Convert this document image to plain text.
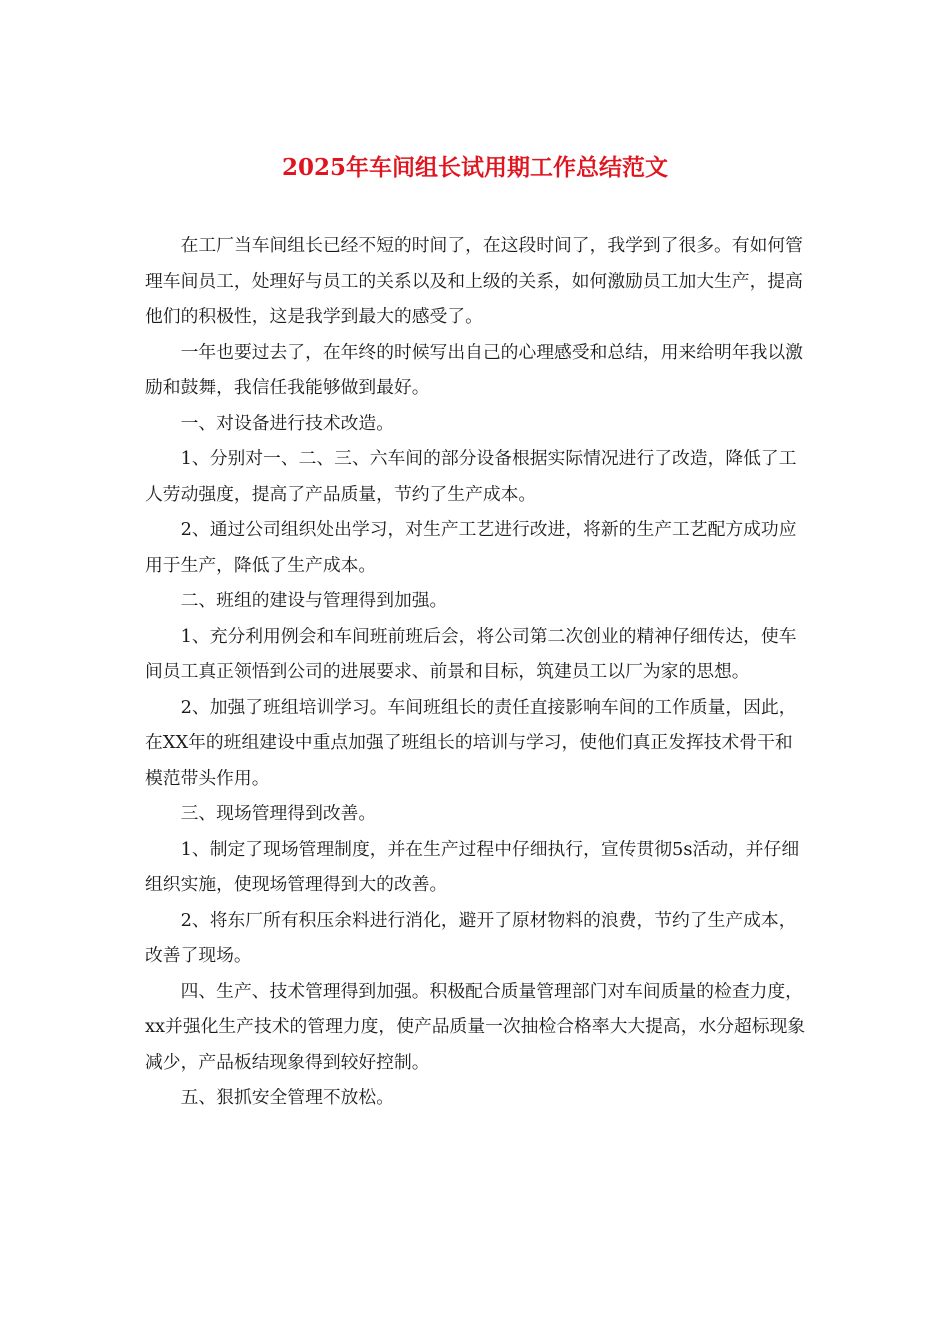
2025年车间组长试用期工作总结范文

在工厂当车间组长已经不短的时间了，在这段时间了，我学到了很多。有如何管理车间员工，处理好与员工的关系以及和上级的关系，如何激励员工加大生产，提高他们的积极性，这是我学到最大的感受了。

一年也要过去了，在年终的时候写出自己的心理感受和总结，用来给明年我以激励和鼓舞，我信任我能够做到最好。

一、对设备进行技术改造。

1、分别对一、二、三、六车间的部分设备根据实际情况进行了改造，降低了工人劳动强度，提高了产品质量，节约了生产成本。

2、通过公司组织处出学习，对生产工艺进行改进，将新的生产工艺配方成功应用于生产，降低了生产成本。

二、班组的建设与管理得到加强。

1、充分利用例会和车间班前班后会，将公司第二次创业的精神仔细传达，使车间员工真正领悟到公司的进展要求、前景和目标，筑建员工以厂为家的思想。

2、加强了班组培训学习。车间班组长的责任直接影响车间的工作质量，因此，在XX年的班组建设中重点加强了班组长的培训与学习，使他们真正发挥技术骨干和模范带头作用。

三、现场管理得到改善。

1、制定了现场管理制度，并在生产过程中仔细执行，宣传贯彻5s活动，并仔细组织实施，使现场管理得到大的改善。

2、将东厂所有积压余料进行消化，避开了原材物料的浪费，节约了生产成本，改善了现场。

四、生产、技术管理得到加强。积极配合质量管理部门对车间质量的检查力度，xx并强化生产技术的管理力度，使产品质量一次抽检合格率大大提高，水分超标现象减少，产品板结现象得到较好控制。

五、狠抓安全管理不放松。
